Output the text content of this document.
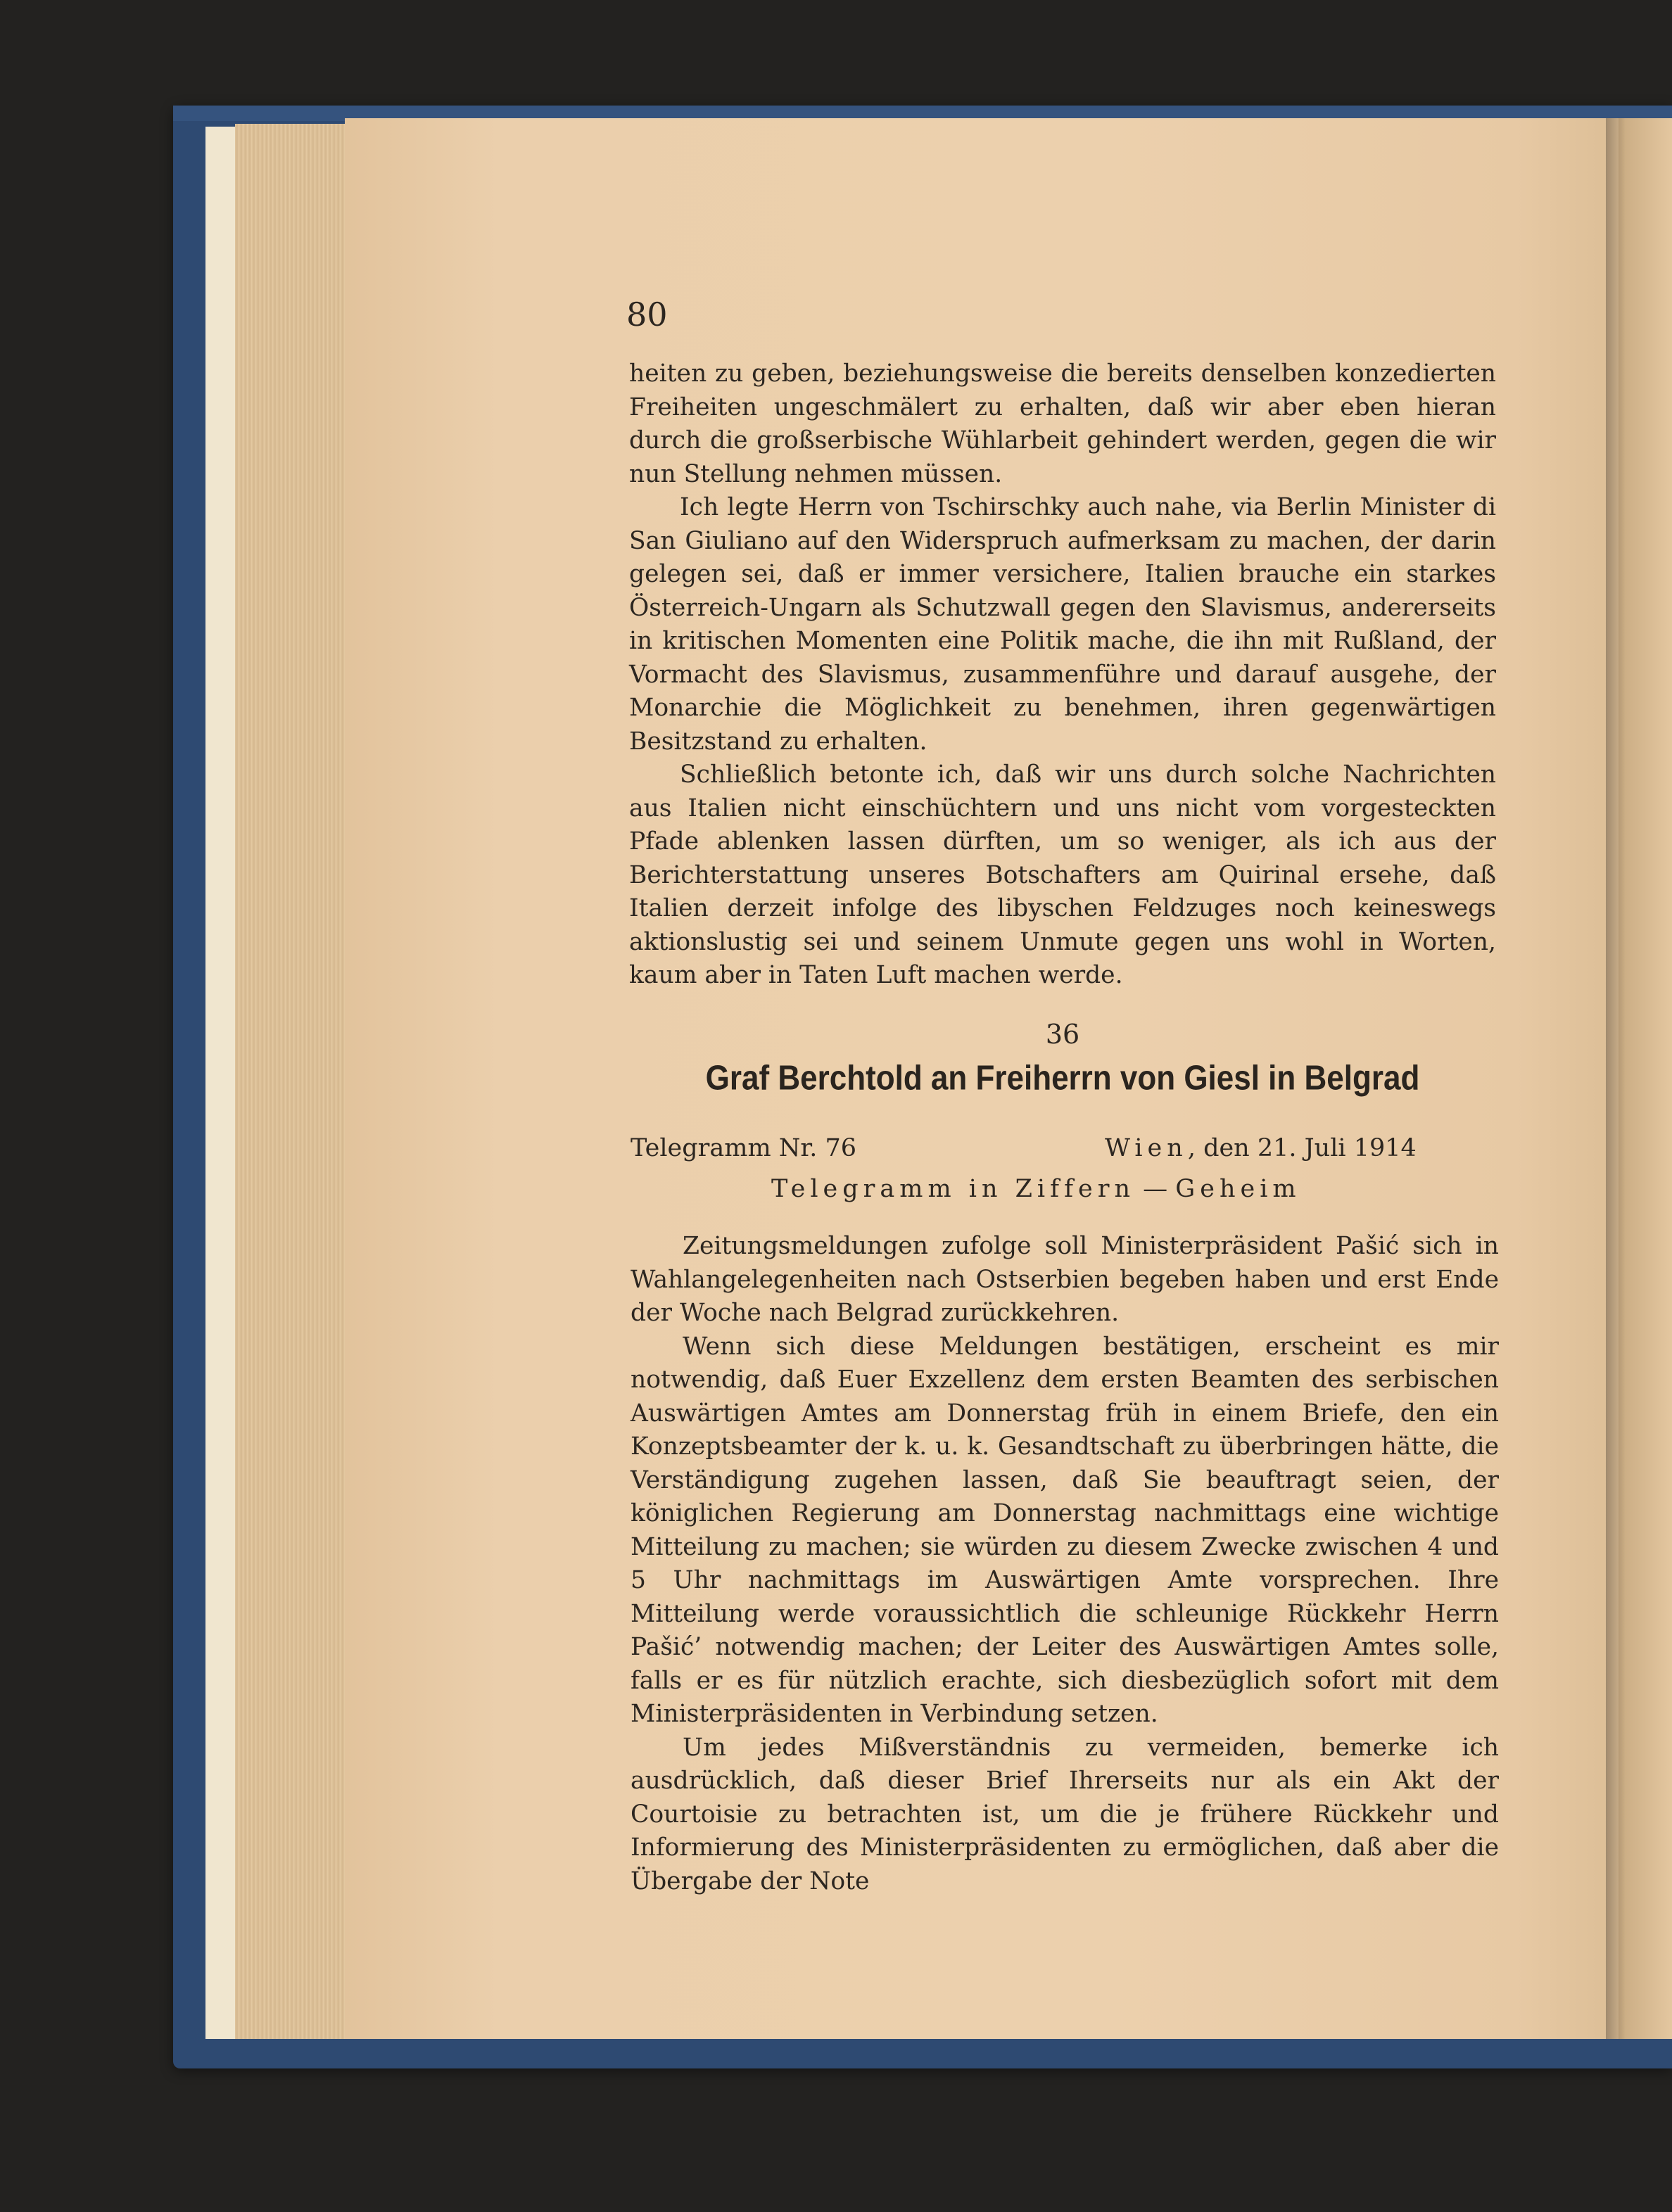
80

heiten zu geben, beziehungsweise die bereits denselben konzedierten Freiheiten ungeschmälert zu erhalten, daß wir aber eben hieran durch die großserbische Wühlarbeit gehindert werden, gegen die wir nun Stellung nehmen müssen.

Ich legte Herrn von Tschirschky auch nahe, via Berlin Minister di San Giuliano auf den Widerspruch aufmerksam zu machen, der darin gelegen sei, daß er immer versichere, Italien brauche ein starkes Österreich-Ungarn als Schutzwall gegen den Slavismus, andererseits in kritischen Momenten eine Politik mache, die ihn mit Rußland, der Vormacht des Slavismus, zusammenführe und darauf ausgehe, der Monarchie die Möglichkeit zu benehmen, ihren gegenwärtigen Besitzstand zu erhalten.

Schließlich betonte ich, daß wir uns durch solche Nachrichten aus Italien nicht einschüchtern und uns nicht vom vorgesteckten Pfade ablenken lassen dürften, um so weniger, als ich aus der Berichterstattung unseres Botschafters am Quirinal ersehe, daß Italien derzeit infolge des libyschen Feldzuges noch keineswegs aktionslustig sei und seinem Unmute gegen uns wohl in Worten, kaum aber in Taten Luft machen werde.

36
Graf Berchtold an Freiherrn von Giesl in Belgrad
Telegramm Nr. 76	Wien, den 21. Juli 1914
Telegramm in Ziffern — Geheim

Zeitungsmeldungen zufolge soll Ministerpräsident Pašić sich in Wahlangelegenheiten nach Ostserbien begeben haben und erst Ende der Woche nach Belgrad zurückkehren.

Wenn sich diese Meldungen bestätigen, erscheint es mir notwendig, daß Euer Exzellenz dem ersten Beamten des serbischen Auswärtigen Amtes am Donnerstag früh in einem Briefe, den ein Konzeptsbeamter der k. u. k. Gesandtschaft zu überbringen hätte, die Verständigung zugehen lassen, daß Sie beauftragt seien, der königlichen Regierung am Donnerstag nachmittags eine wichtige Mitteilung zu machen; sie würden zu diesem Zwecke zwischen 4 und 5 Uhr nachmittags im Auswärtigen Amte vorsprechen. Ihre Mitteilung werde voraussichtlich die schleunige Rückkehr Herrn Pašić’ notwendig machen; der Leiter des Auswärtigen Amtes solle, falls er es für nützlich erachte, sich diesbezüglich sofort mit dem Ministerpräsidenten in Verbindung setzen.

Um jedes Mißverständnis zu vermeiden, bemerke ich ausdrücklich, daß dieser Brief Ihrerseits nur als ein Akt der Courtoisie zu betrachten ist, um die je frühere Rückkehr und Informierung des Ministerpräsidenten zu ermöglichen, daß aber die Übergabe der Note
